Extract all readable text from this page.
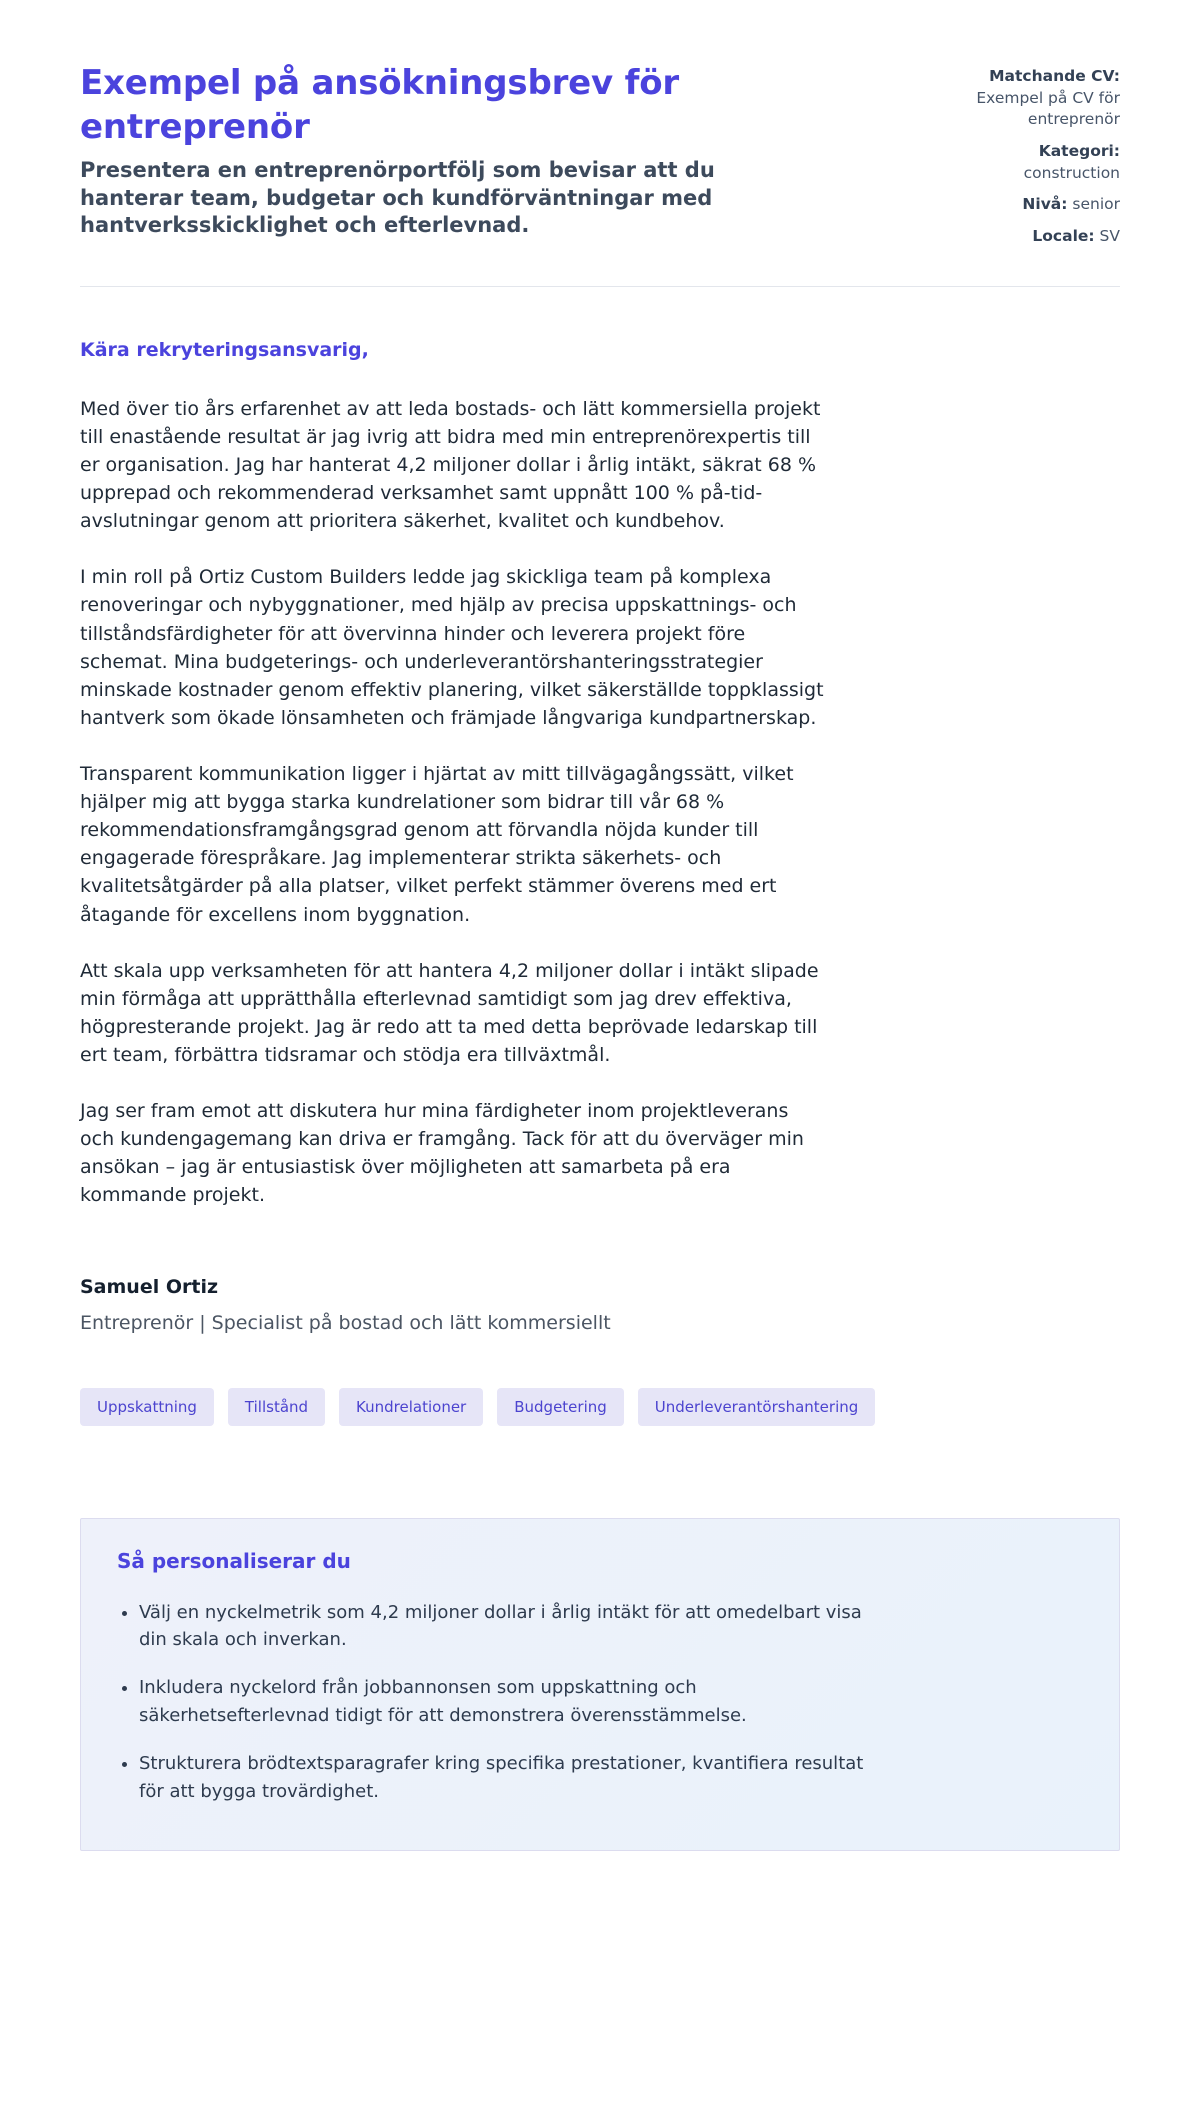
Exempel på ansökningsbrev för entreprenör

Presentera en entreprenörportfölj som bevisar att du hanterar team, budgetar och kundförväntningar med hantverksskicklighet och efterlevnad.

Matchande CV:
Exempel på CV för entreprenör
Kategori:
construction
Nivå: senior
Locale: SV

Kära rekryteringsansvarig,

Med över tio års erfarenhet av att leda bostads- och lätt kommersiella projekt till enastående resultat är jag ivrig att bidra med min entreprenörexpertis till er organisation. Jag har hanterat 4,2 miljoner dollar i årlig intäkt, säkrat 68 % upprepad och rekommenderad verksamhet samt uppnått 100 % på-tid-avslutningar genom att prioritera säkerhet, kvalitet och kundbehov.

I min roll på Ortiz Custom Builders ledde jag skickliga team på komplexa renoveringar och nybyggnationer, med hjälp av precisa uppskattnings- och tillståndsfärdigheter för att övervinna hinder och leverera projekt före schemat. Mina budgeterings- och underleverantörshanteringsstrategier minskade kostnader genom effektiv planering, vilket säkerställde toppklassigt hantverk som ökade lönsamheten och främjade långvariga kundpartnerskap.

Transparent kommunikation ligger i hjärtat av mitt tillvägagångssätt, vilket hjälper mig att bygga starka kundrelationer som bidrar till vår 68 % rekommendationsframgångsgrad genom att förvandla nöjda kunder till engagerade förespråkare. Jag implementerar strikta säkerhets- och kvalitetsåtgärder på alla platser, vilket perfekt stämmer överens med ert åtagande för excellens inom byggnation.

Att skala upp verksamheten för att hantera 4,2 miljoner dollar i intäkt slipade min förmåga att upprätthålla efterlevnad samtidigt som jag drev effektiva, högpresterande projekt. Jag är redo att ta med detta beprövade ledarskap till ert team, förbättra tidsramar och stödja era tillväxtmål.

Jag ser fram emot att diskutera hur mina färdigheter inom projektleverans och kundengagemang kan driva er framgång. Tack för att du överväger min ansökan – jag är entusiastisk över möjligheten att samarbeta på era kommande projekt.

Samuel Ortiz

Entreprenör | Specialist på bostad och lätt kommersiellt

Uppskattning	Tillstånd	Kundrelationer	Budgetering	Underleverantörshantering
Så personaliserar du
• Välj en nyckelmetrik som 4,2 miljoner dollar i årlig intäkt för att omedelbart visa din skala och inverkan.
• Inkludera nyckelord från jobbannonsen som uppskattning och säkerhetsefterlevnad tidigt för att demonstrera överensstämmelse.
• Strukturera brödtextsparagrafer kring specifika prestationer, kvantifiera resultat för att bygga trovärdighet.
